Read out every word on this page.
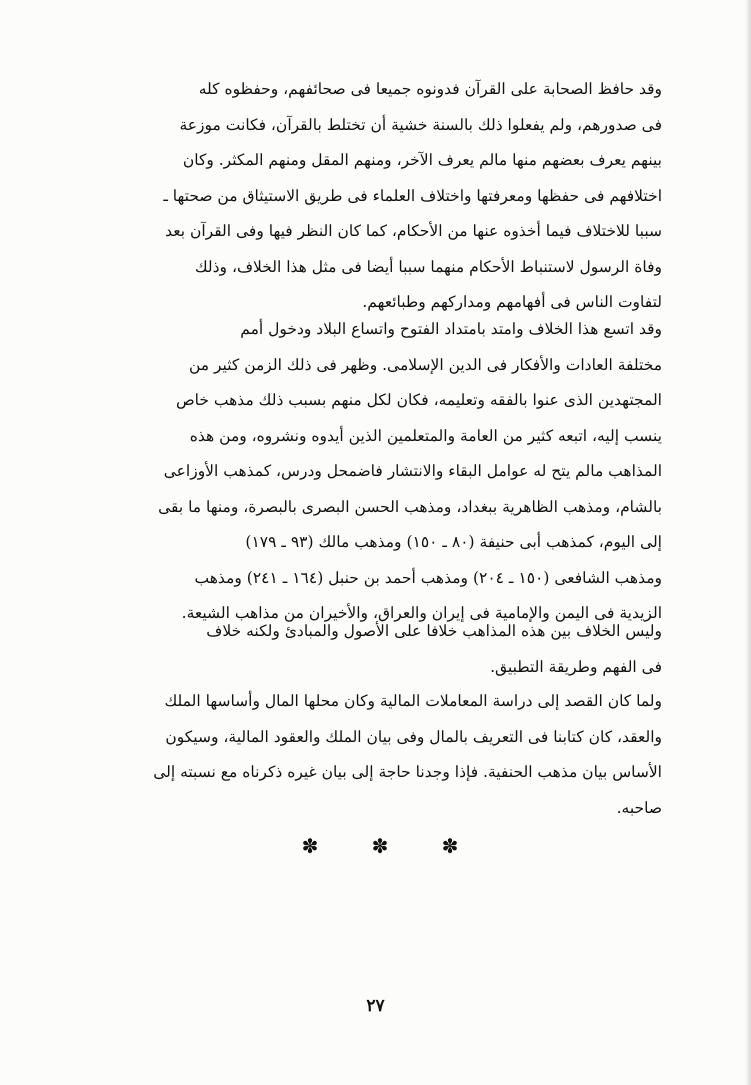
وقد حافظ الصحابة على القرآن فدونوه جميعا فى صحائفهم، وحفظوه كله
فى صدورهم، ولم يفعلوا ذلك بالسنة خشية أن تختلط بالقرآن، فكانت موزعة
بينهم يعرف بعضهم منها مالم يعرف الآخر، ومنهم المقل ومنهم المكثر. وكان
اختلافهم فى حفظها ومعرفتها واختلاف العلماء فى طريق الاستيثاق من صحتها ـ
سببا للاختلاف فيما أخذوه عنها من الأحكام، كما كان النظر فيها وفى القرآن بعد
وفاة الرسول لاستنباط الأحكام منهما سببا أيضا فى مثل هذا الخلاف، وذلك
لتفاوت الناس فى أفهامهم ومداركهم وطبائعهم.
وقد اتسع هذا الخلاف وامتد بامتداد الفتوح واتساع البلاد ودخول أمم
مختلفة العادات والأفكار فى الدين الإسلامى. وظهر فى ذلك الزمن كثير من
المجتهدين الذى عنوا بالفقه وتعليمه، فكان لكل منهم بسبب ذلك مذهب خاص
ينسب إليه، اتبعه كثير من العامة والمتعلمين الذين أيدوه ونشروه، ومن هذه
المذاهب مالم يتح له عوامل البقاء والانتشار فاضمحل ودرس، كمذهب الأوزاعى
بالشام، ومذهب الظاهرية ببغداد، ومذهب الحسن البصرى بالبصرة، ومنها ما بقى
إلى اليوم، كمذهب أبى حنيفة (٨٠ ـ ١٥٠) ومذهب مالك (٩٣ ـ ١٧٩)
ومذهب الشافعى (١٥٠ ـ ٢٠٤) ومذهب أحمد بن حنبل (١٦٤ ـ ٢٤١) ومذهب
الزيدية فى اليمن والإمامية فى إيران والعراق، والأخيران من مذاهب الشيعة.
وليس الخلاف بين هذه المذاهب خلافا على الأصول والمبادئ ولكنه خلاف
فى الفهم وطريقة التطبيق.
ولما كان القصد إلى دراسة المعاملات المالية وكان محلها المال وأساسها الملك
والعقد، كان كتابنا فى التعريف بالمال وفى بيان الملك والعقود المالية، وسيكون
الأساس بيان مذهب الحنفية. فإذا وجدنا حاجة إلى بيان غيره ذكرناه مع نسبته إلى
صاحبه.
✽	✽	✽
٢٧
